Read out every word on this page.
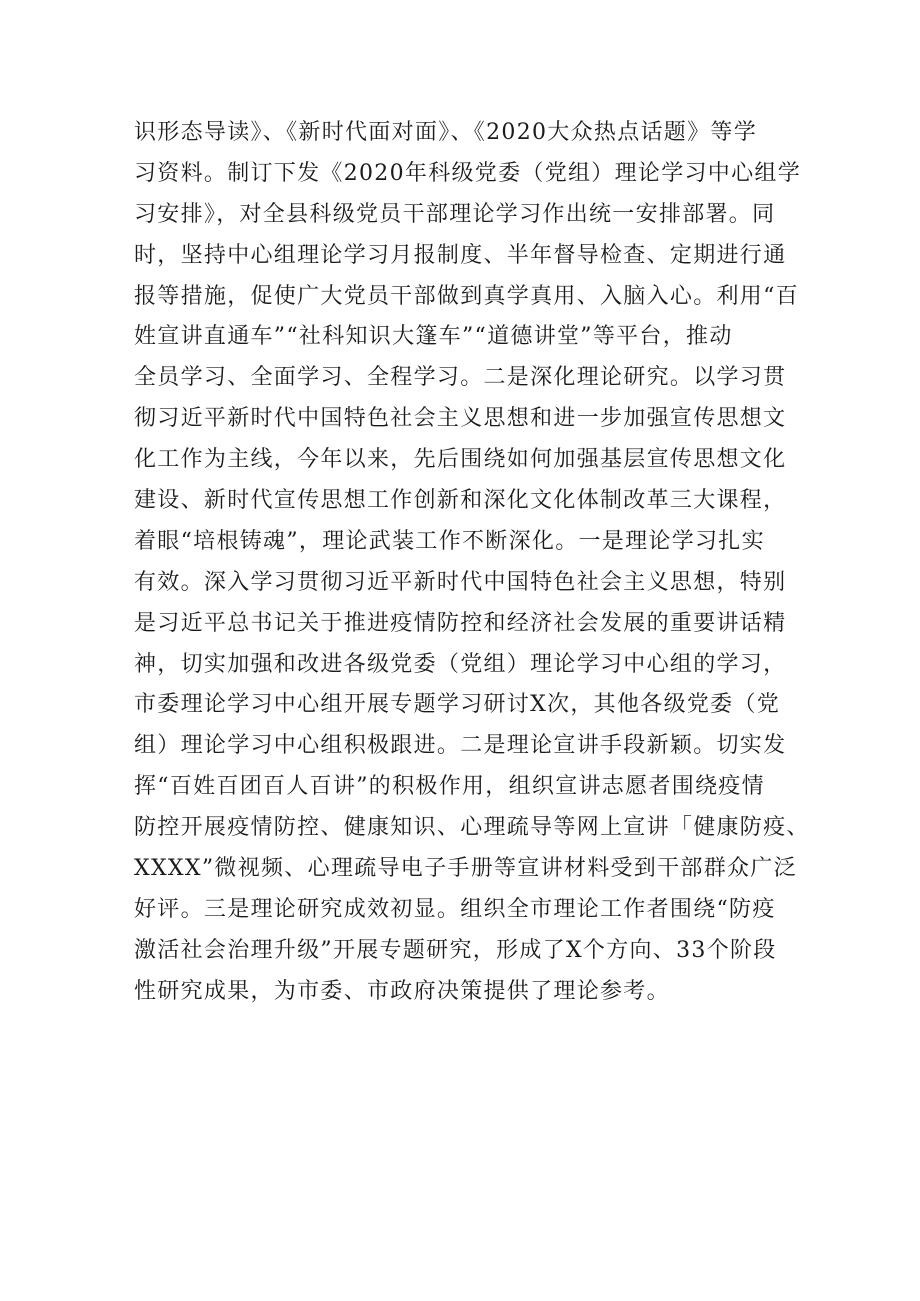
识形态导读》、《新时代面对面》、《2020大众热点话题》等学
习资料。制订下发《2020年科级党委（党组）理论学习中心组学
习安排》，对全县科级党员干部理论学习作出统一安排部署。同
时，坚持中心组理论学习月报制度、半年督导检查、定期进行通
报等措施，促使广大党员干部做到真学真用、入脑入心。利用“百
姓宣讲直通车”“社科知识大篷车”“道德讲堂”等平台，推动
全员学习、全面学习、全程学习。二是深化理论研究。以学习贯
彻习近平新时代中国特色社会主义思想和进一步加强宣传思想文
化工作为主线，今年以来，先后围绕如何加强基层宣传思想文化
建设、新时代宣传思想工作创新和深化文化体制改革三大课程，
着眼“培根铸魂”，理论武装工作不断深化。一是理论学习扎实
有效。深入学习贯彻习近平新时代中国特色社会主义思想，特别
是习近平总书记关于推进疫情防控和经济社会发展的重要讲话精
神，切实加强和改进各级党委（党组）理论学习中心组的学习，
市委理论学习中心组开展专题学习研讨X次，其他各级党委（党
组）理论学习中心组积极跟进。二是理论宣讲手段新颖。切实发
挥“百姓百团百人百讲”的积极作用，组织宣讲志愿者围绕疫情
防控开展疫情防控、健康知识、心理疏导等网上宣讲「健康防疫、
XXXX”微视频、心理疏导电子手册等宣讲材料受到干部群众广泛
好评。三是理论研究成效初显。组织全市理论工作者围绕“防疫
激活社会治理升级”开展专题研究，形成了X个方向、33个阶段
性研究成果，为市委、市政府决策提供了理论参考。
